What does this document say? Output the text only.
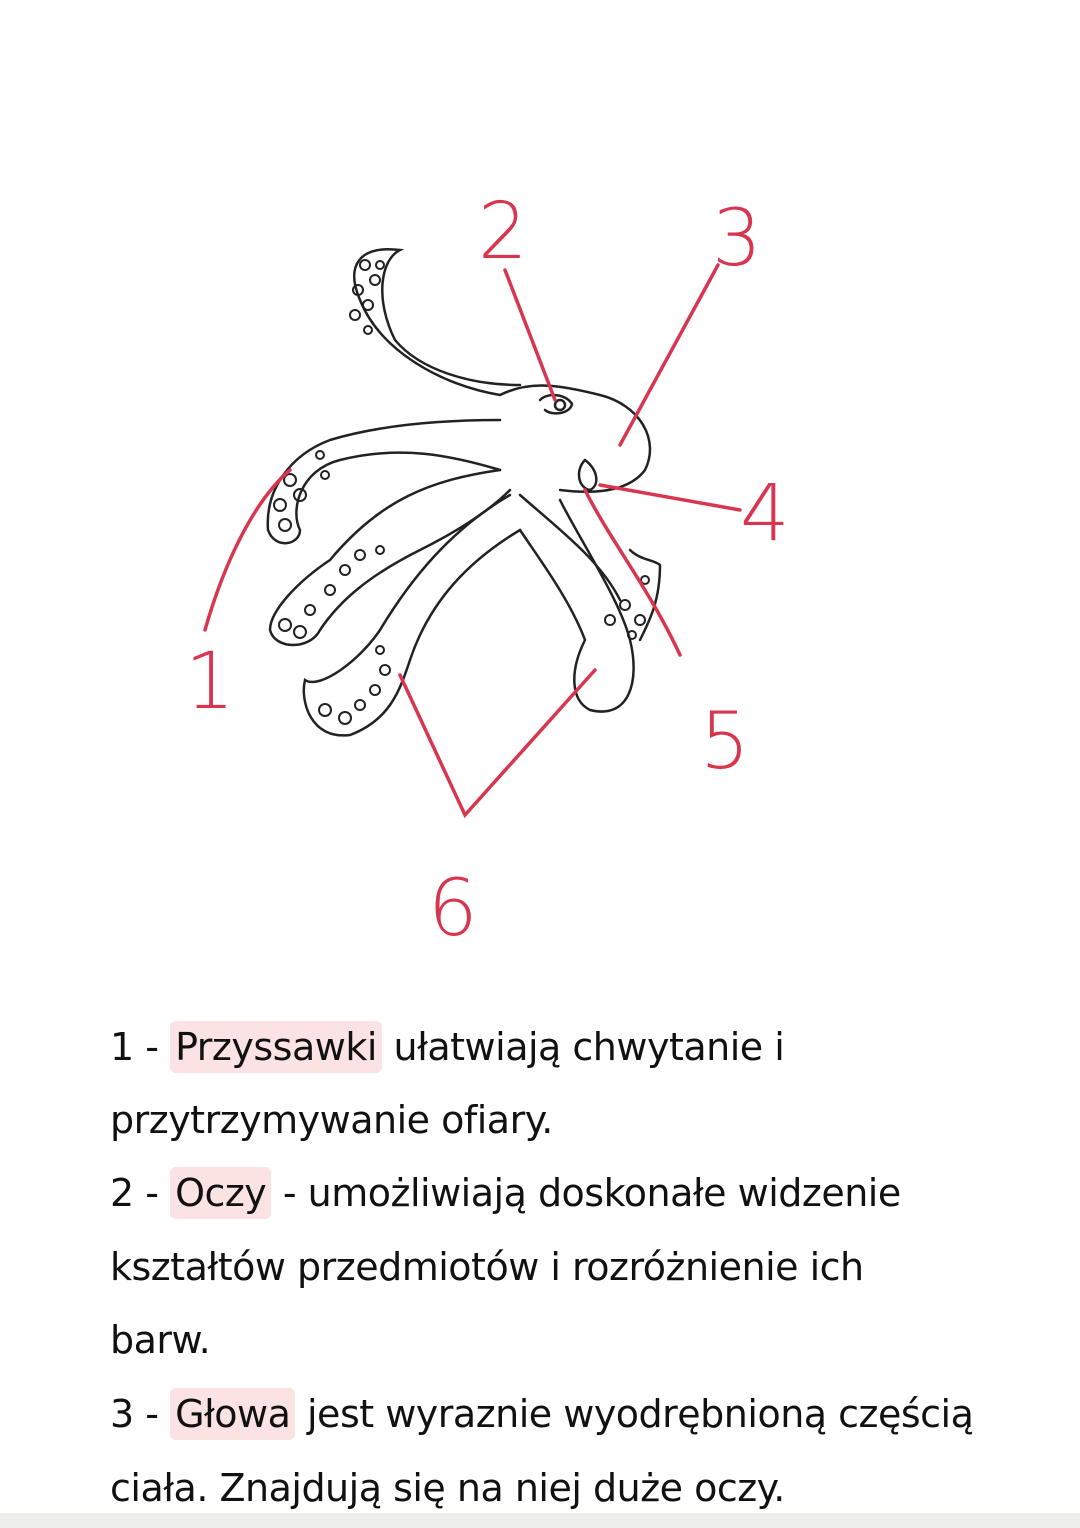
1
2 3
4
5
6
1 - Przyssawki ułatwiają chwytanie i
przytrzymywanie ofiary.
2 - Oczy - umożliwiają doskonałe widzenie
kształtów przedmiotów i rozróżnienie ich
barw.
3 - Głowa jest wyraznie wyodrębnioną częścią
ciała. Znajdują się na niej duże oczy.
